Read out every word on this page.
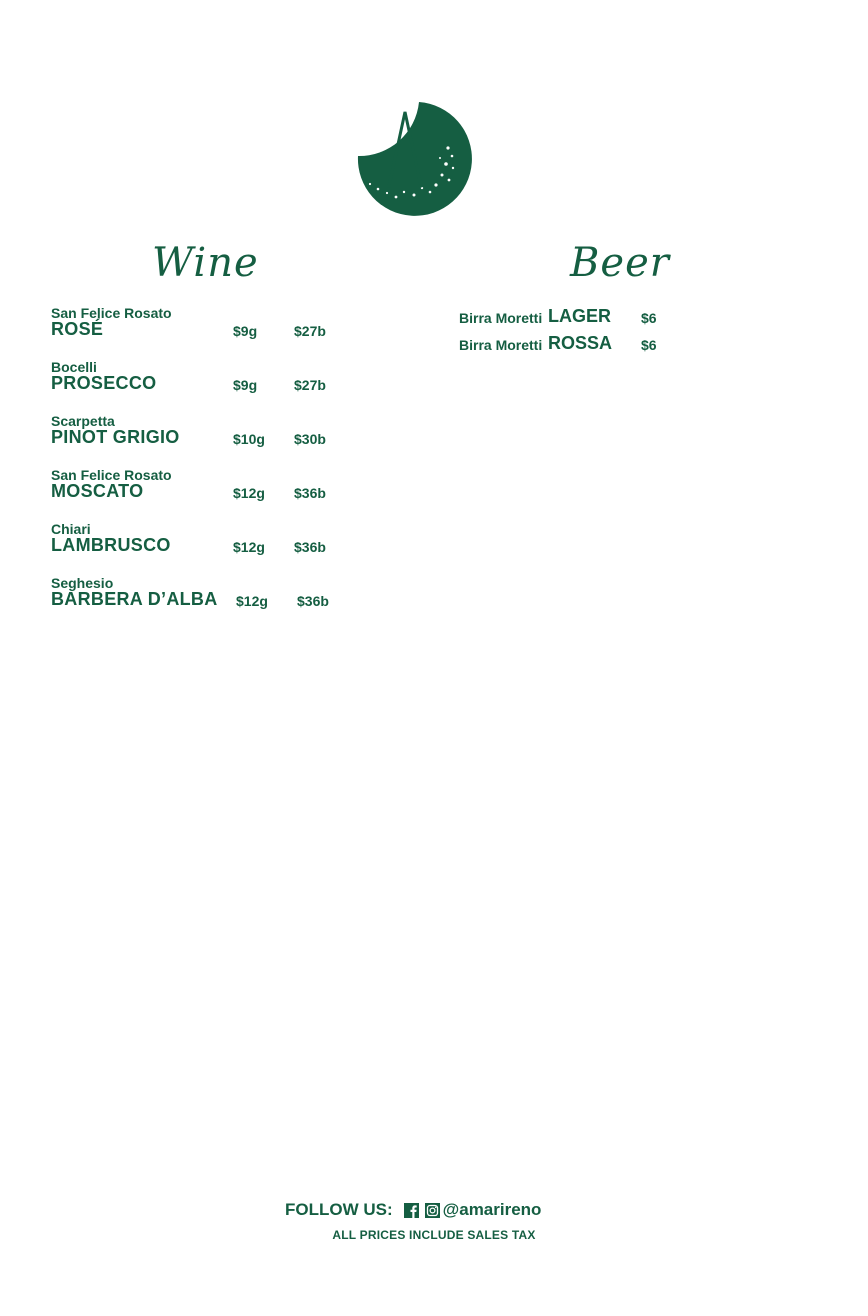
Wine	Beer
San Felice Rosato
ROSÉ	$9g	$27b
Bocelli
PROSECCO	$9g	$27b
Scarpetta
PINOT GRIGIO	$10g $30b
San Felice Rosato
MOSCATO	$12g $36b
Chiari
LAMBRUSCO	$12g $36b
Seghesio
BARBERA D’ALBA $12g $36b
Birra Moretti LAGER $6
Birra Moretti ROSSA $6
FOLLOW US:	@amarireno
ALL PRICES INCLUDE SALES TAX
